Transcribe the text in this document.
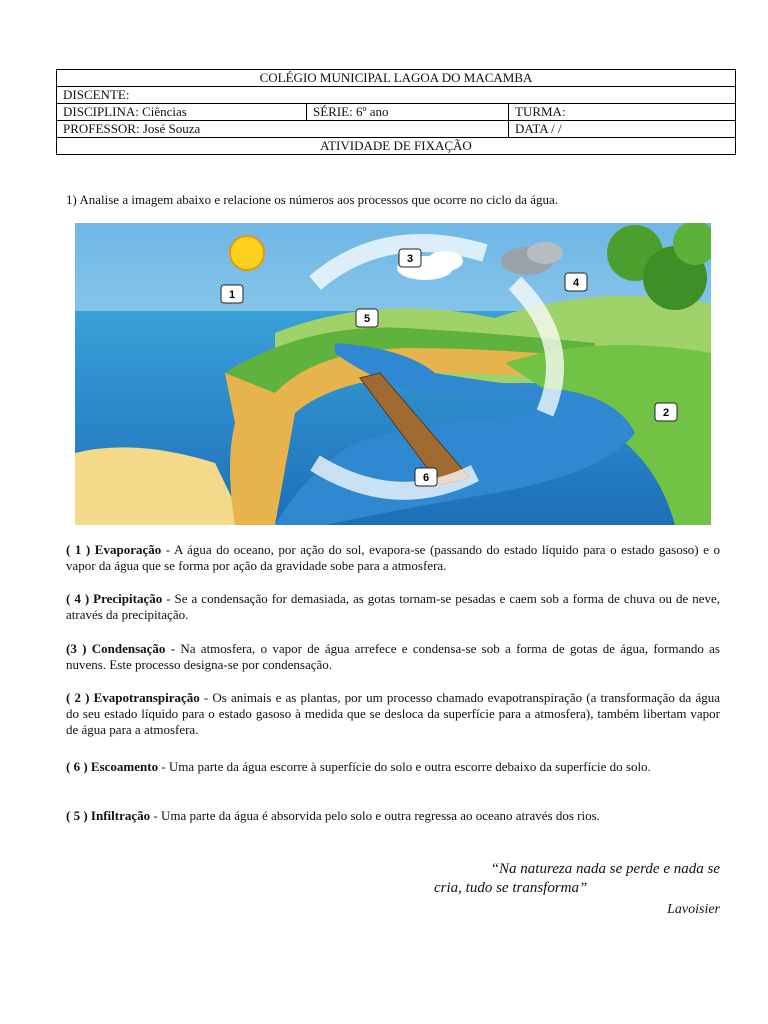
COLÉGIO MUNICIPAL LAGOA DO MACAMBA		
DISCENTE:		
DISCIPLINA: Ciências	SÉRIE: 6º ano	TURMA:
PROFESSOR: José Souza		DATA / /
ATIVIDADE DE FIXAÇÃO		
1) Analise a imagem abaixo e relacione os números aos processos que ocorre no ciclo da água.
1
2
3
4
5
6
( 1 ) Evaporação - A água do oceano, por ação do sol, evapora-se (passando do estado líquido para o estado gasoso) e o vapor da água que se forma por ação da gravidade sobe para a atmosfera.
( 4 ) Precipitação - Se a condensação for demasiada, as gotas tornam-se pesadas e caem sob a forma de chuva ou de neve, através da precipitação.
(3 ) Condensação - Na atmosfera, o vapor de água arrefece e condensa-se sob a forma de gotas de água, formando as nuvens. Este processo designa-se por condensação.
( 2 ) Evapotranspiração - Os animais e as plantas, por um processo chamado evapotranspiração (a transformação da água do seu estado líquido para o estado gasoso à medida que se desloca da superfície para a atmosfera), também libertam vapor de água para a atmosfera.
( 6 ) Escoamento - Uma parte da água escorre à superfície do solo e outra escorre debaixo da superfície do solo.
( 5 ) Infiltração - Uma parte da água é absorvida pelo solo e outra regressa ao oceano através dos rios.
“Na natureza nada se perde e nada se
cria, tudo se transforma”
Lavoisier
